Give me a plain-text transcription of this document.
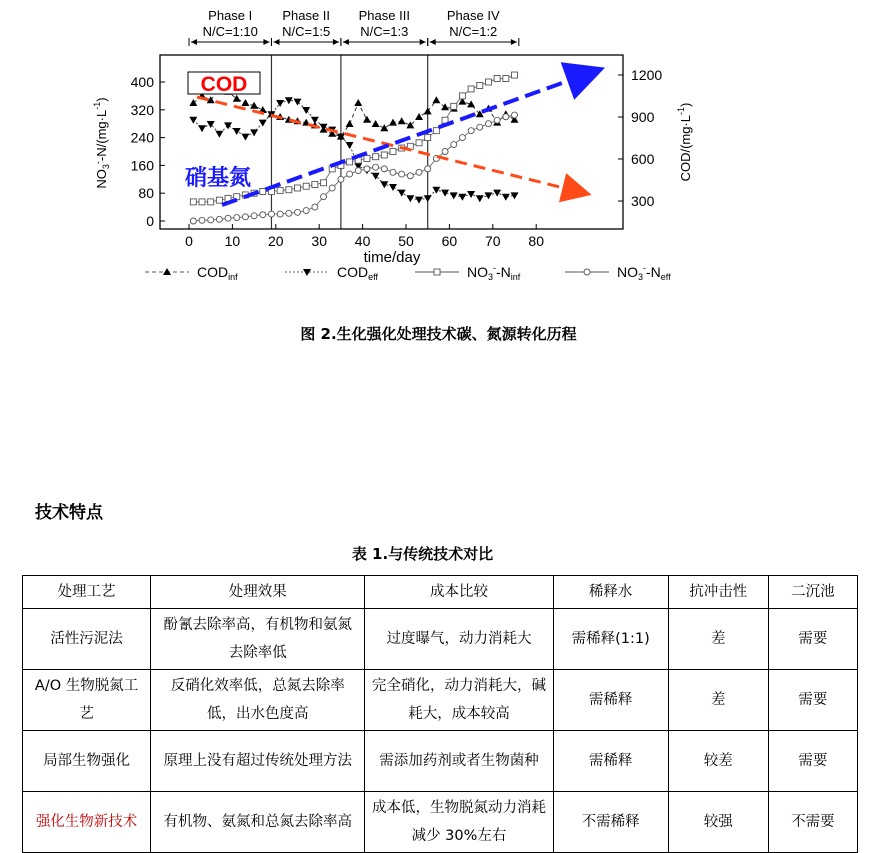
Phase I
N/C=1:10
Phase II
N/C=1:5
Phase III
N/C=1:3
Phase IV
N/C=1:2
0 10 20 30 40 50 60 70 80
0
80
160
240
320
400
300
600
900
1200
COD
硝基氮
time/day
$NO_3^--N/(mg\cdot L^{-1})$
COD/$(mg\cdot L^{-1})$
$COD_{inf}$	$COD_{eff}$	$NO_3^--N_{inf}$	$NO_3^--N_{eff}$
图 2.生化强化处理技术碳、氮源转化历程
技术特点
表 1.与传统技术对比
处理工艺	处理效果	成本比较	稀释水	抗冲击性	二沉池
活性污泥法	酚氰去除率高，有机物和氨氮去除率低	过度曝气，动力消耗大	需稀释(1:1)	差	需要
A/O 生物脱氮工艺	反硝化效率低，总氮去除率低，出水色度高	完全硝化，动力消耗大，碱耗大，成本较高	需稀释	差	需要
局部生物强化	原理上没有超过传统处理方法	需添加药剂或者生物菌种	需稀释	较差	需要
强化生物新技术	有机物、氨氮和总氮去除率高	成本低，生物脱氮动力消耗减少 30%左右	不需稀释	较强	不需要
